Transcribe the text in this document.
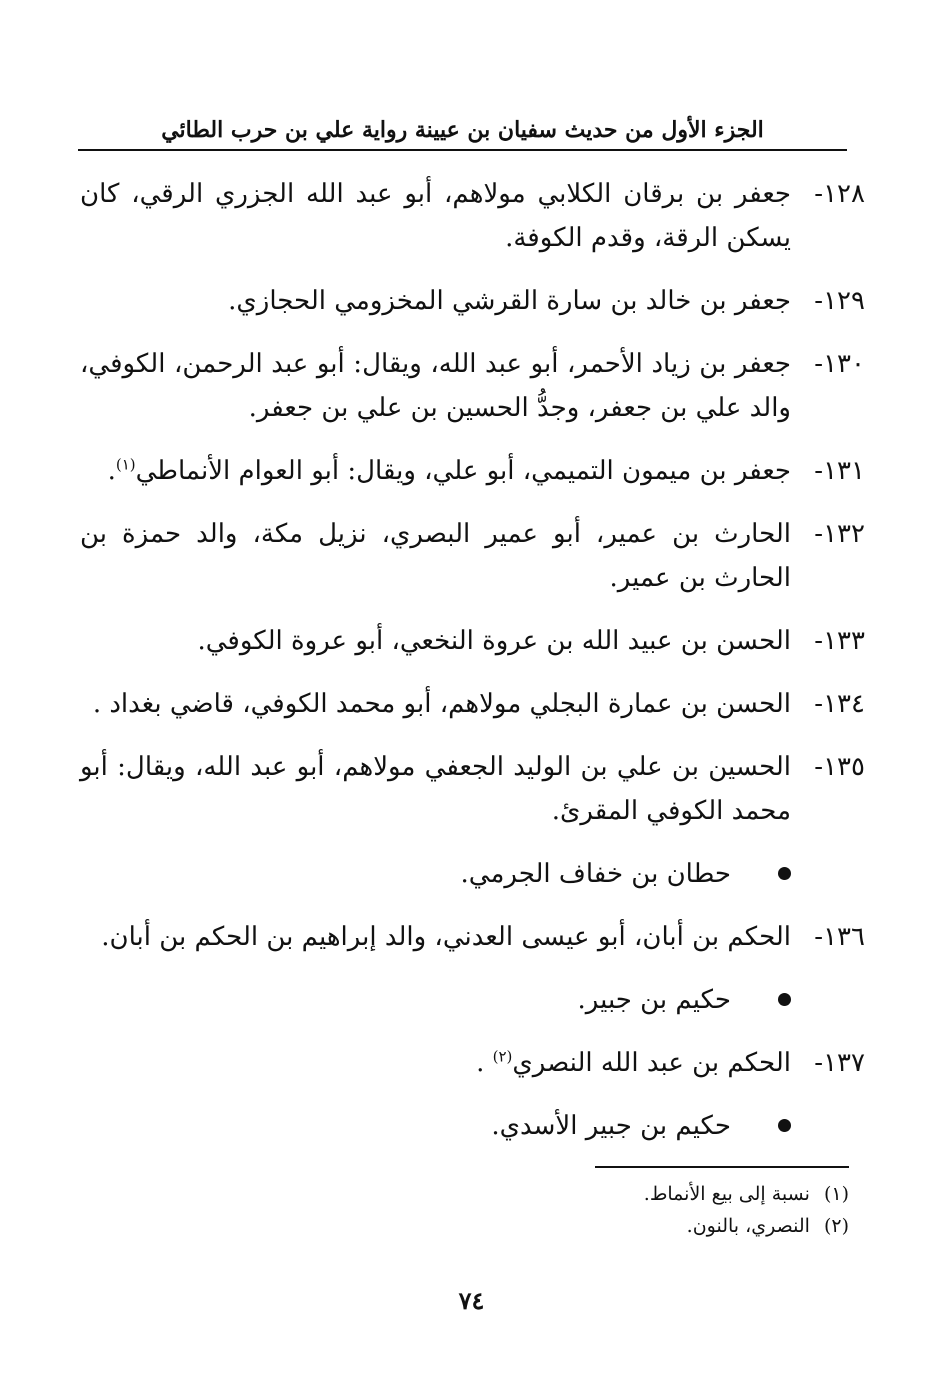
الجزء الأول من حديث سفيان بن عيينة رواية علي بن حرب الطائي
١٢٨-
جعفر بن برقان الكلابي مولاهم، أبو عبد الله الجزري الرقي، كان يسكن الرقة، وقدم الكوفة.
١٢٩-
جعفر بن خالد بن سارة القرشي المخزومي الحجازي.
١٣٠-
جعفر بن زياد الأحمر، أبو عبد الله، ويقال: أبو عبد الرحمن، الكوفي، والد علي بن جعفر، وجدُّ الحسين بن علي بن جعفر.
١٣١-
جعفر بن ميمون التميمي، أبو علي، ويقال: أبو العوام الأنماطي$^{(١)}$.
١٣٢-
الحارث بن عمير، أبو عمير البصري، نزيل مكة، والد حمزة بن الحارث بن عمير.
١٣٣-
الحسن بن عبيد الله بن عروة النخعي، أبو عروة الكوفي.
١٣٤-
الحسن بن عمارة البجلي مولاهم، أبو محمد الكوفي، قاضي بغداد .
١٣٥-
الحسين بن علي بن الوليد الجعفي مولاهم، أبو عبد الله، ويقال: أبو محمد الكوفي المقرئ.
حطان بن خفاف الجرمي.
١٣٦-
الحكم بن أبان، أبو عيسى العدني، والد إبراهيم بن الحكم بن أبان.
حكيم بن جبير.
١٣٧-
الحكم بن عبد الله النصري$^{(٢)}$ .
حكيم بن جبير الأسدي.
(١) نسبة إلى بيع الأنماط.
(٢) النصري، بالنون.
٧٤
